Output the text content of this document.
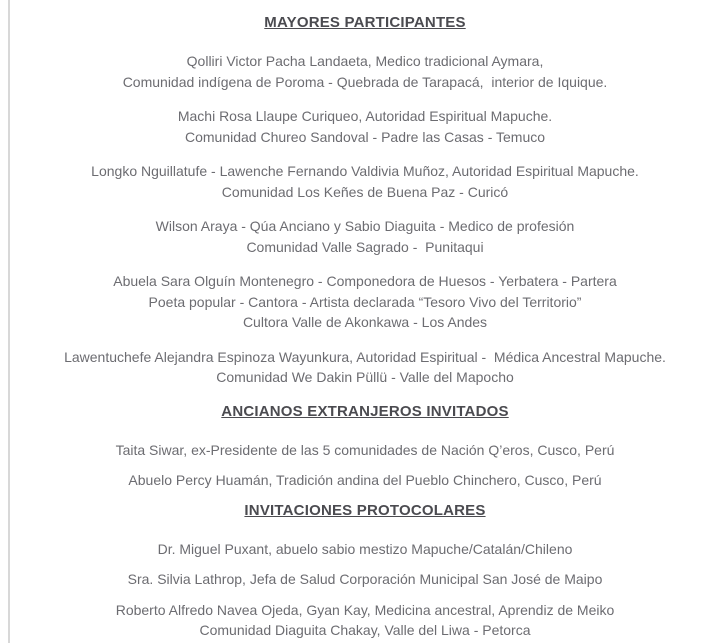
MAYORES PARTICIPANTES

Qolliri Victor Pacha Landaeta, Medico tradicional Aymara,
Comunidad indígena de Poroma - Quebrada de Tarapacá,  interior de Iquique.

Machi Rosa Llaupe Curiqueo, Autoridad Espiritual Mapuche.
Comunidad Chureo Sandoval - Padre las Casas - Temuco

Longko Nguillatufe - Lawenche Fernando Valdivia Muñoz, Autoridad Espiritual Mapuche.
Comunidad Los Keñes de Buena Paz - Curicó

Wilson Araya - Qúa Anciano y Sabio Diaguita - Medico de profesión
Comunidad Valle Sagrado -  Punitaqui

Abuela Sara Olguín Montenegro - Componedora de Huesos - Yerbatera - Partera
Poeta popular - Cantora - Artista declarada “Tesoro Vivo del Territorio”
Cultora Valle de Akonkawa - Los Andes

Lawentuchefe Alejandra Espinoza Wayunkura, Autoridad Espiritual -  Médica Ancestral Mapuche.
Comunidad We Dakin Püllü - Valle del Mapocho

ANCIANOS EXTRANJEROS INVITADOS

Taita Siwar, ex-Presidente de las 5 comunidades de Nación Q’eros, Cusco, Perú

Abuelo Percy Huamán, Tradición andina del Pueblo Chinchero, Cusco, Perú

INVITACIONES PROTOCOLARES

Dr. Miguel Puxant, abuelo sabio mestizo Mapuche/Catalán/Chileno

Sra. Silvia Lathrop, Jefa de Salud Corporación Municipal San José de Maipo

Roberto Alfredo Navea Ojeda, Gyan Kay, Medicina ancestral, Aprendiz de Meiko
Comunidad Diaguita Chakay, Valle del Liwa - Petorca
